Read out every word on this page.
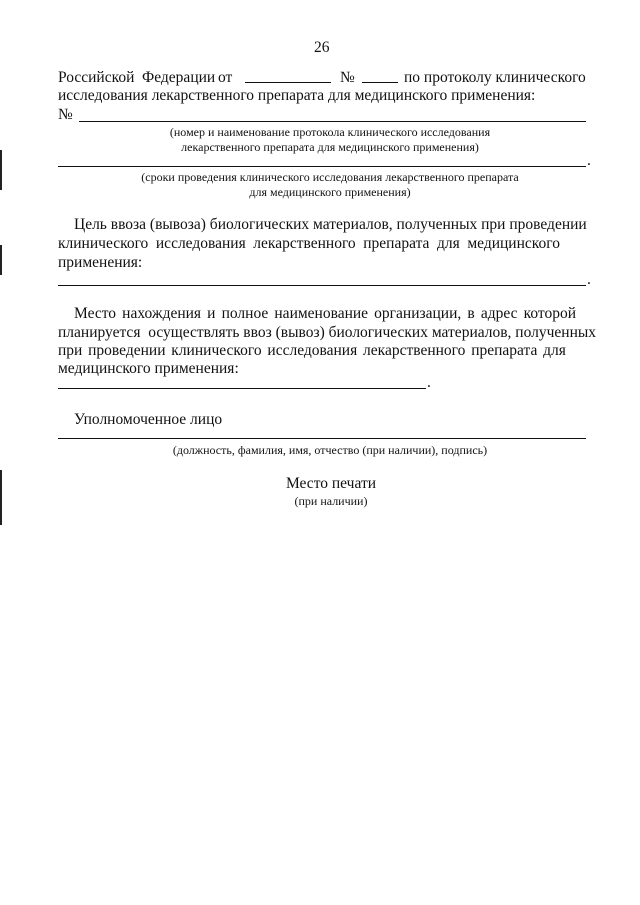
26
Российской Федерации от	№	по протоколу клинического
исследования лекарственного препарата для медицинского применения:
№
(номер и наименование протокола клинического исследования
лекарственного препарата для медицинского применения)
.
(сроки проведения клинического исследования лекарственного препарата
для медицинского применения)
Цель ввоза (вывоза) биологических материалов, полученных при проведении
клинического исследования лекарственного препарата для медицинского
применения:
.
Место нахождения и полное наименование организации, в адрес которой
планируется  осуществлять ввоз (вывоз) биологических материалов, полученных
при проведении клинического исследования лекарственного препарата для
медицинского применения:
.
Уполномоченное лицо
(должность, фамилия, имя, отчество (при наличии), подпись)
Место печати
(при наличии)
